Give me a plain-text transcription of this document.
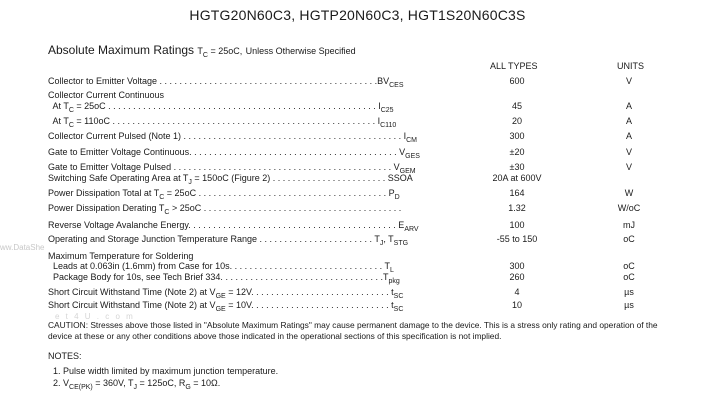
HGTG20N60C3, HGTP20N60C3, HGT1S20N60C3S
Absolute Maximum Ratings $T_C = 25oC$, Unless Otherwise Specified
ALL TYPES	UNITS
Collector to Emitter Voltage . . . . . . . . . . . . . . . . . . . . . . . . . . . . . . . . . . . . . . . . . . . $.BV_{CES}$	600	V
Collector Current Continuous
At $T_C = 25oC$ . . . . . . . . . . . . . . . . . . . . . . . . . . . . . . . . . . . . . . . . . . . . . . . . . . . . . . $I_{C25}$	45	A
At $T_C = 110oC$ . . . . . . . . . . . . . . . . . . . . . . . . . . . . . . . . . . . . . . . . . . . . . . . . . . . . . $I_{C110}$	20	A
Collector Current Pulsed (Note 1) . . . . . . . . . . . . . . . . . . . . . . . . . . . . . . . . . . . . . . . . . . . . $I_{CM}$	300	A
Gate to Emitter Voltage Continuous. . . . . . . . . . . . . . . . . . . . . . . . . . . . . . . . . . . . . . . . . . $V_{GES}$	±20	V
Gate to Emitter Voltage Pulsed . . . . . . . . . . . . . . . . . . . . . . . . . . . . . . . . . . . . . . . . . . . . $V_{GEM}$	±30	V
Switching Safe Operating Area at $T_J = 150oC$ (Figure 2) . . . . . . . . . . . . . . . . . . . . . . . SSOA	20A at 600V
Power Dissipation Total at $T_C = 25oC$ . . . . . . . . . . . . . . . . . . . . . . . . . . . . . . . . . . . . . . $P_D$	164	W
Power Dissipation Derating $T_C > 25oC$ . . . . . . . . . . . . . . . . . . . . . . . . . . . . . . . . . . . . . . . .	1.32	W/oC
Reverse Voltage Avalanche Energy. . . . . . . . . . . . . . . . . . . . . . . . . . . . . . . . . . . . . . . . . . $E_{ARV}$	100	mJ
Operating and Storage Junction Temperature Range . . . . . . . . . . . . . . . . . . . . . . . $T_J$, $T_{STG}$	-55 to 150	oC
Maximum Temperature for Soldering
Leads at 0.063in (1.6mm) from Case for 10s. . . . . . . . . . . . . . . . . . . . . . . . . . . . . . . $T_L$	300	oC
Package Body for 10s, see Tech Brief 334. . . . . . . . . . . . . . . . . . . . . . . . . . . . . . . . $.T_{pkg}$	260	oC
Short Circuit Withstand Time (Note 2) at $V_{GE} = 12V$. . . . . . . . . . . . . . . . . . . . . . . . . . . . $t_{SC}$	4	µs
Short Circuit Withstand Time (Note 2) at $V_{GE} = 10V$. . . . . . . . . . . . . . . . . . . . . . . . . . . . $t_{SC}$	10	µs
ww.DataShe
e t 4 U . c o m
CAUTION: Stresses above those listed in "Absolute Maximum Ratings" may cause permanent damage to the device. This is a stress only rating and operation of the device at these or any other conditions above those indicated in the operational sections of this specification is not implied.
NOTES:
1. Pulse width limited by maximum junction temperature.
2. $V_{CE(PK)} = 360V$, $T_J = 125oC$, $R_G = 10\Omega$.
